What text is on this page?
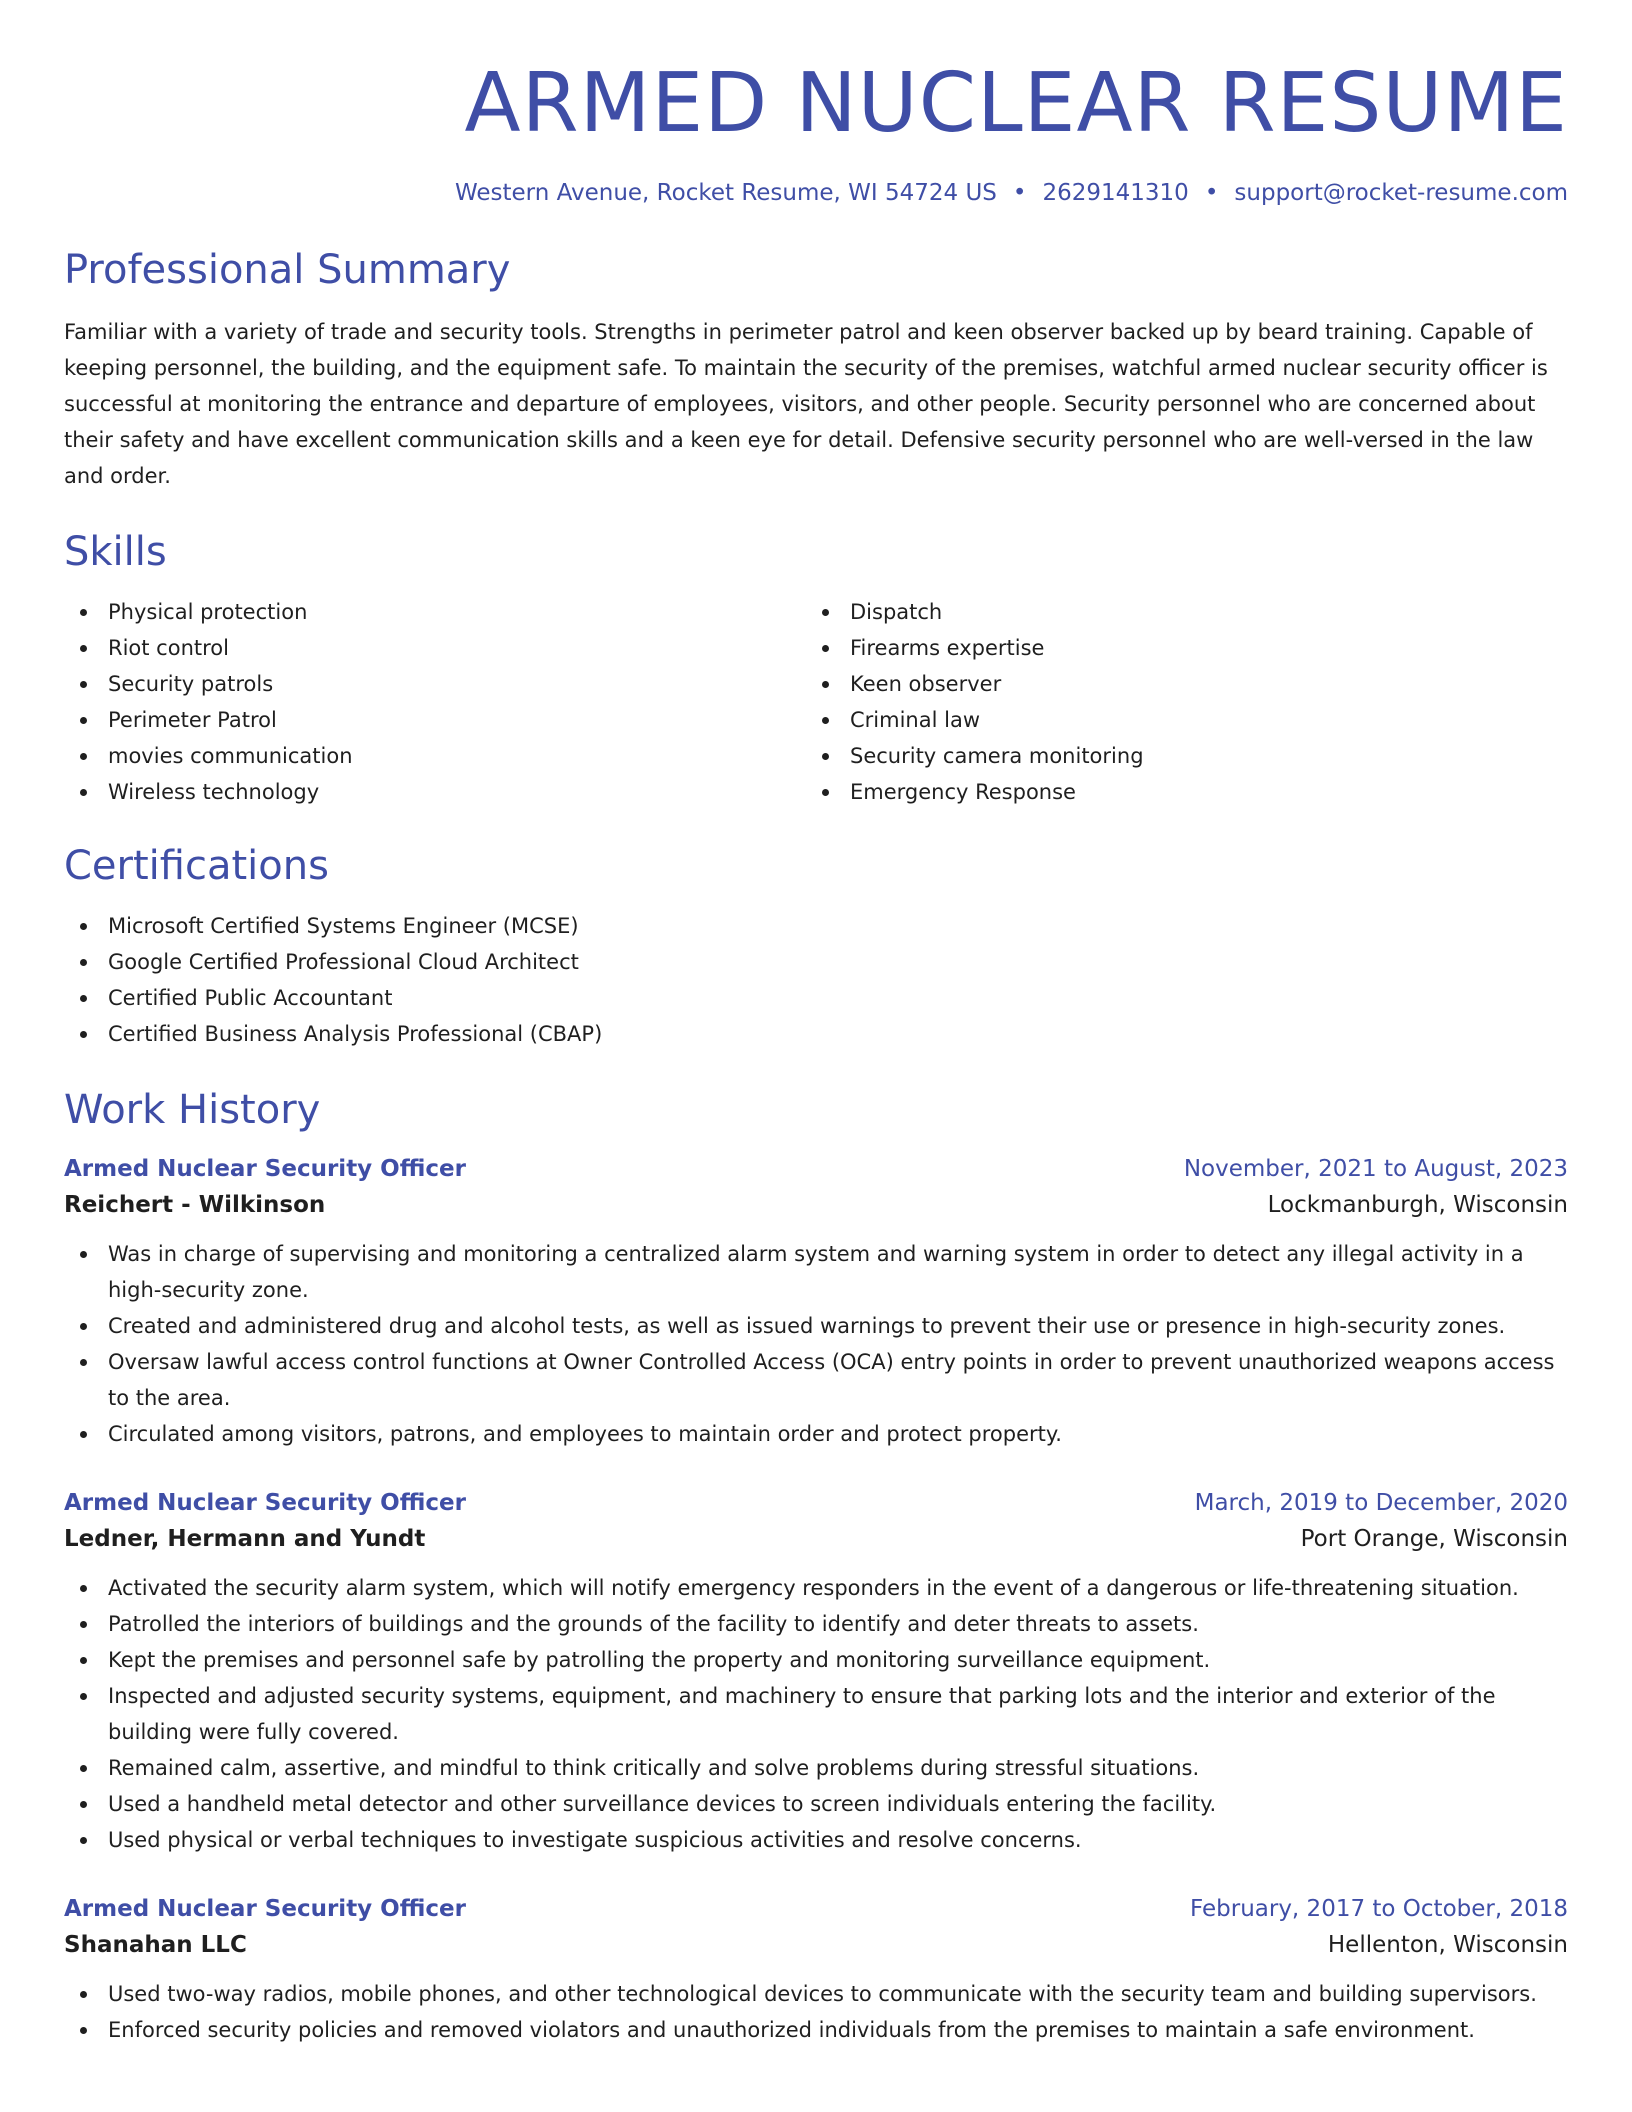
ARMED NUCLEAR RESUME
Western Avenue, Rocket Resume, WI 54724 US • 2629141310 • support@rocket-resume.com
Professional Summary
Familiar with a variety of trade and security tools. Strengths in perimeter patrol and keen observer backed up by beard training. Capable of keeping personnel, the building, and the equipment safe. To maintain the security of the premises, watchful armed nuclear security officer is successful at monitoring the entrance and departure of employees, visitors, and other people. Security personnel who are concerned about their safety and have excellent communication skills and a keen eye for detail. Defensive security personnel who are well-versed in the law and order.
Skills
Physical protection
Riot control
Security patrols
Perimeter Patrol
movies communication
Wireless technology
Dispatch
Firearms expertise
Keen observer
Criminal law
Security camera monitoring
Emergency Response
Certifications
Microsoft Certified Systems Engineer (MCSE)
Google Certified Professional Cloud Architect
Certified Public Accountant
Certified Business Analysis Professional (CBAP)
Work History
Armed Nuclear Security Officer	November, 2021 to August, 2023
Reichert - Wilkinson	Lockmanburgh, Wisconsin
Was in charge of supervising and monitoring a centralized alarm system and warning system in order to detect any illegal activity in a high-security zone.
Created and administered drug and alcohol tests, as well as issued warnings to prevent their use or presence in high-security zones.
Oversaw lawful access control functions at Owner Controlled Access (OCA) entry points in order to prevent unauthorized weapons access to the area.
Circulated among visitors, patrons, and employees to maintain order and protect property.
Armed Nuclear Security Officer	March, 2019 to December, 2020
Ledner, Hermann and Yundt	Port Orange, Wisconsin
Activated the security alarm system, which will notify emergency responders in the event of a dangerous or life-threatening situation.
Patrolled the interiors of buildings and the grounds of the facility to identify and deter threats to assets.
Kept the premises and personnel safe by patrolling the property and monitoring surveillance equipment.
Inspected and adjusted security systems, equipment, and machinery to ensure that parking lots and the interior and exterior of the building were fully covered.
Remained calm, assertive, and mindful to think critically and solve problems during stressful situations.
Used a handheld metal detector and other surveillance devices to screen individuals entering the facility.
Used physical or verbal techniques to investigate suspicious activities and resolve concerns.
Armed Nuclear Security Officer	February, 2017 to October, 2018
Shanahan LLC	Hellenton, Wisconsin
Used two-way radios, mobile phones, and other technological devices to communicate with the security team and building supervisors.
Enforced security policies and removed violators and unauthorized individuals from the premises to maintain a safe environment.
